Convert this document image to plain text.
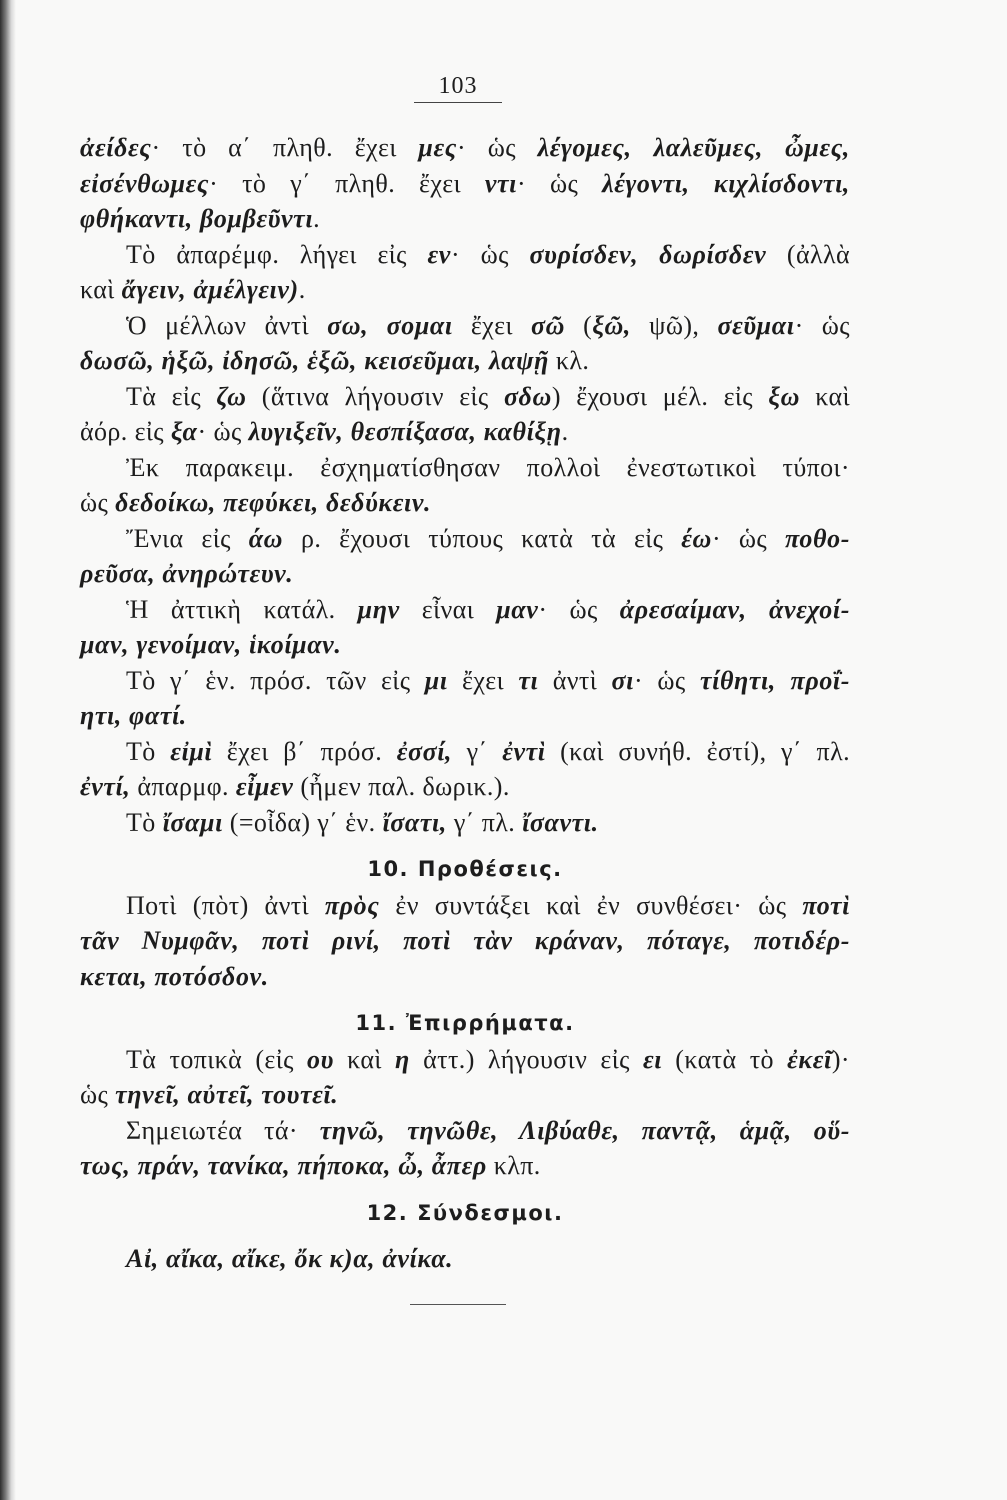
103
ἀείδες· τὸ α΄ πληθ. ἔχει μες· ὡς λέγομες, λαλεῦμες, ὦμες,
εἰσένθωμες· τὸ γ΄ πληθ. ἔχει ντι· ὡς λέγοντι, κιχλίσδοντι,
φθήκαντι, βομβεῦντι.
Τὸ ἀπαρέμφ. λήγει εἰς εν· ὡς συρίσδεν, δωρίσδεν (ἀλλὰ
καὶ ἄγειν, ἀμέλγειν).
Ὁ μέλλων ἀντὶ σω, σομαι ἔχει σῶ (ξῶ, ψῶ), σεῦμαι· ὡς
δωσῶ, ἡξῶ, ἰδησῶ, ἑξῶ, κεισεῦμαι, λαψῇ κλ.
Τὰ εἰς ζω (ἅτινα λήγουσιν εἰς σδω) ἔχουσι μέλ. εἰς ξω καὶ
ἀόρ. εἰς ξα· ὡς λυγιξεῖν, θεσπίξασα, καθίξῃ.
Ἐκ παρακειμ. ἐσχηματίσθησαν πολλοὶ ἐνεστωτικοὶ τύποι·
ὡς δεδοίκω, πεφύκει, δεδύκειν.
Ἔνια εἰς άω ρ. ἔχουσι τύπους κατὰ τὰ εἰς έω· ὡς ποθο-
ρεῦσα, ἀνηρώτευν.
Ἡ ἀττικὴ κατάλ. μην εἶναι μαν· ὡς ἀρεσαίμαν, ἀνεχοί-
μαν, γενοίμαν, ἱκοίμαν.
Τὸ γ΄ ἑν. πρόσ. τῶν εἰς μι ἔχει τι ἀντὶ σι· ὡς τίθητι, προΐ-
ητι, φατί.
Τὸ εἰμὶ ἔχει β΄ πρόσ. ἐσσί, γ΄ ἐντὶ (καὶ συνήθ. ἐστί), γ΄ πλ.
ἐντί, ἀπαρμφ. εἶμεν (ἦμεν παλ. δωρικ.).
Τὸ ἴσαμι (=οἶδα) γ΄ ἑν. ἴσατι, γ΄ πλ. ἴσαντι.
10. Προθέσεις.
Ποτὶ (πὸτ) ἀντὶ πρὸς ἐν συντάξει καὶ ἐν συνθέσει· ὡς ποτὶ
τᾶν Νυμφᾶν, ποτὶ ρινί, ποτὶ τὰν κράναν, πόταγε, ποτιδέρ-
κεται, ποτόσδον.
11. Ἐπιρρήματα.
Τὰ τοπικὰ (εἰς ου καὶ η ἀττ.) λήγουσιν εἰς ει (κατὰ τὸ ἐκεῖ)·
ὡς τηνεῖ, αὐτεῖ, τουτεῖ.
Σημειωτέα τά· τηνῶ, τηνῶθε, Λιβύαθε, παντᾷ, ἁμᾷ, οὕ-
τως, πράν, τανίκα, πήποκα, ὦ, ἆπερ κλπ.
12. Σύνδεσμοι.
Αἰ, αἴκα, αἴκε, ὄκ κ)α, ἀνίκα.
